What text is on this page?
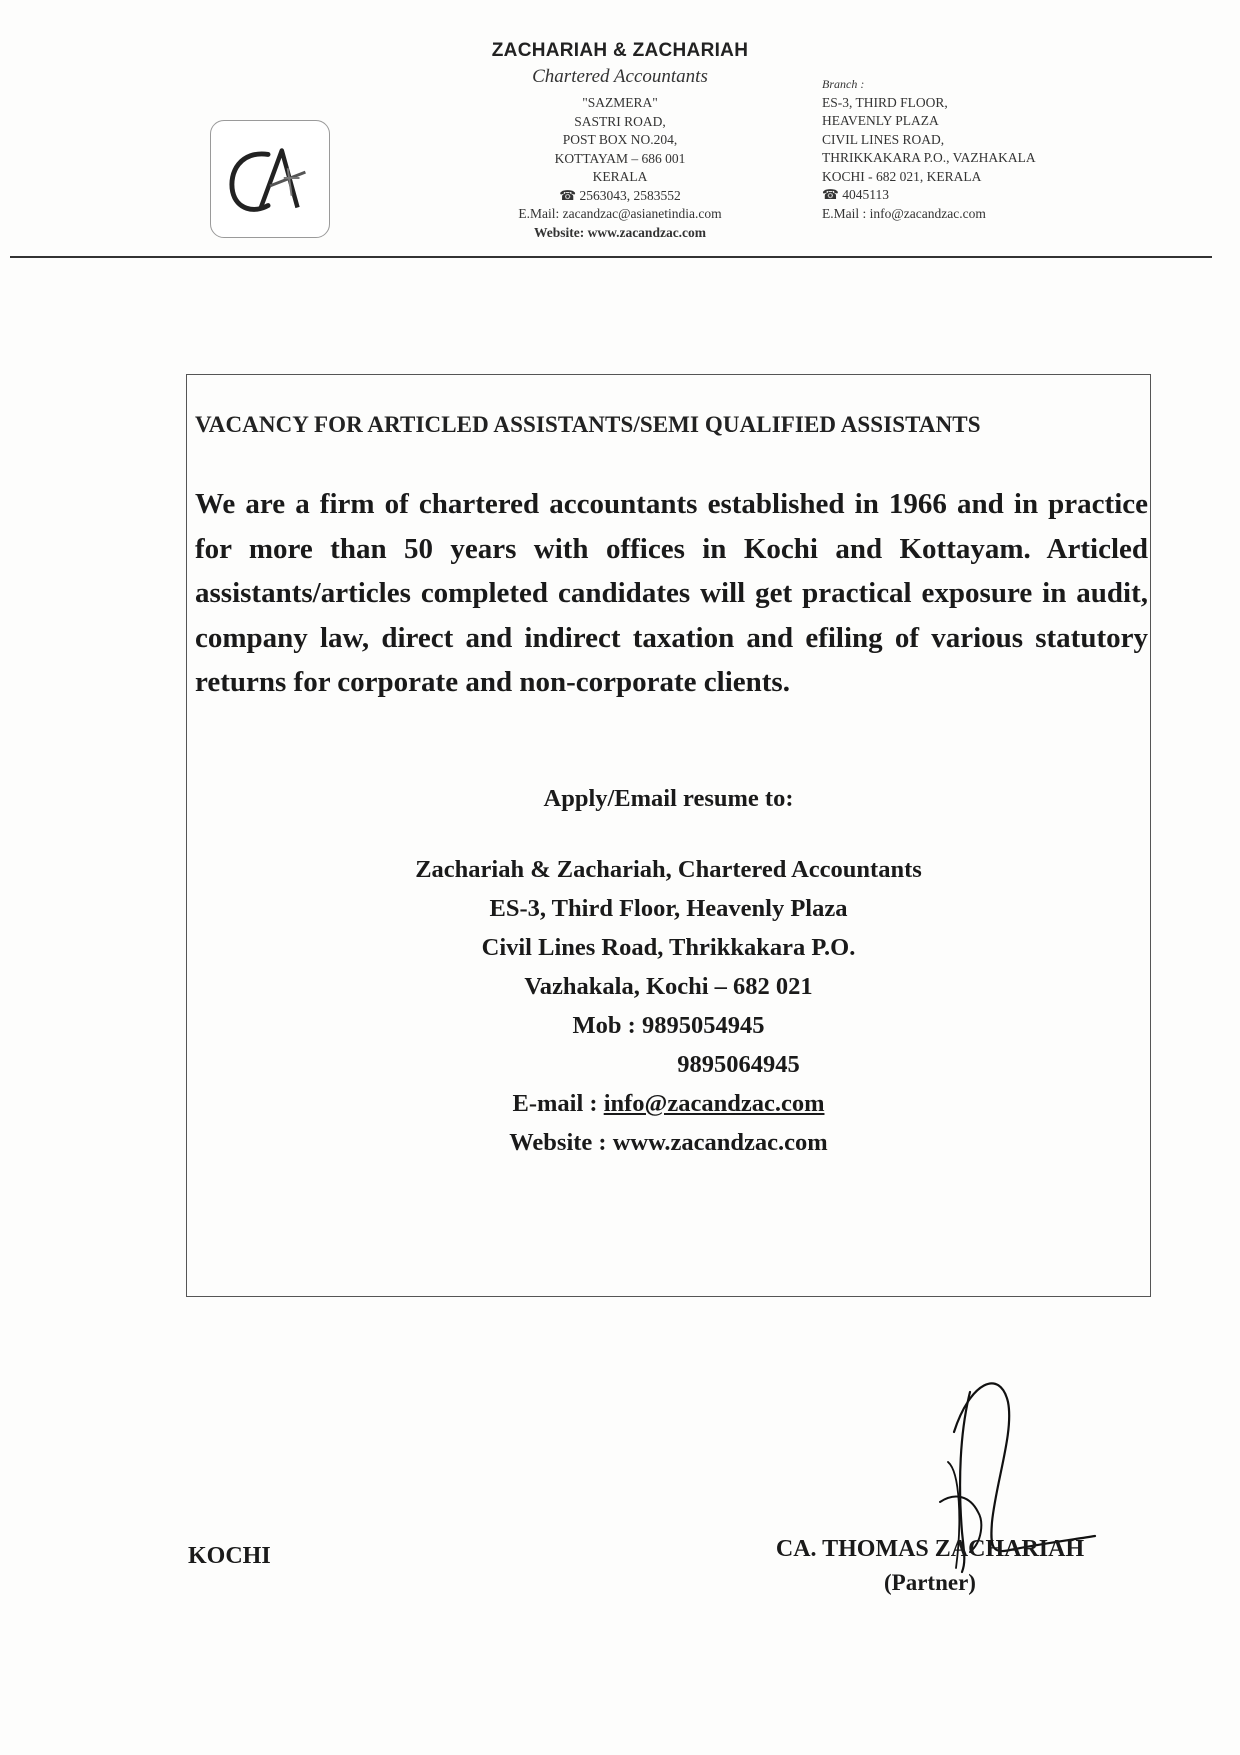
ZACHARIAH & ZACHARIAH
Chartered Accountants
"SAZMERA"
SASTRI ROAD,
POST BOX NO.204,
KOTTAYAM – 686 001
KERALA
☎ 2563043, 2583552
E.Mail: zacandzac@asianetindia.com
Website: www.zacandzac.com
Branch :
ES-3, THIRD FLOOR,
HEAVENLY PLAZA
CIVIL LINES ROAD,
THRIKKAKARA P.O., VAZHAKALA
KOCHI - 682 021, KERALA
☎ 4045113
E.Mail : info@zacandzac.com
VACANCY FOR ARTICLED ASSISTANTS/SEMI QUALIFIED ASSISTANTS
We are a firm of chartered accountants established in 1966 and in practice for more than 50 years with offices in Kochi and Kottayam. Articled assistants/articles completed candidates will get practical exposure in audit, company law, direct and indirect taxation and efiling of various statutory returns for corporate and non-corporate clients.
Apply/Email resume to:
Zachariah & Zachariah, Chartered Accountants
ES-3, Third Floor, Heavenly Plaza
Civil Lines Road, Thrikkakara P.O.
Vazhakala, Kochi – 682 021
Mob : 9895054945
9895064945
E-mail : info@zacandzac.com
Website : www.zacandzac.com
KOCHI	CA. THOMAS ZACHARIAH
(Partner)
